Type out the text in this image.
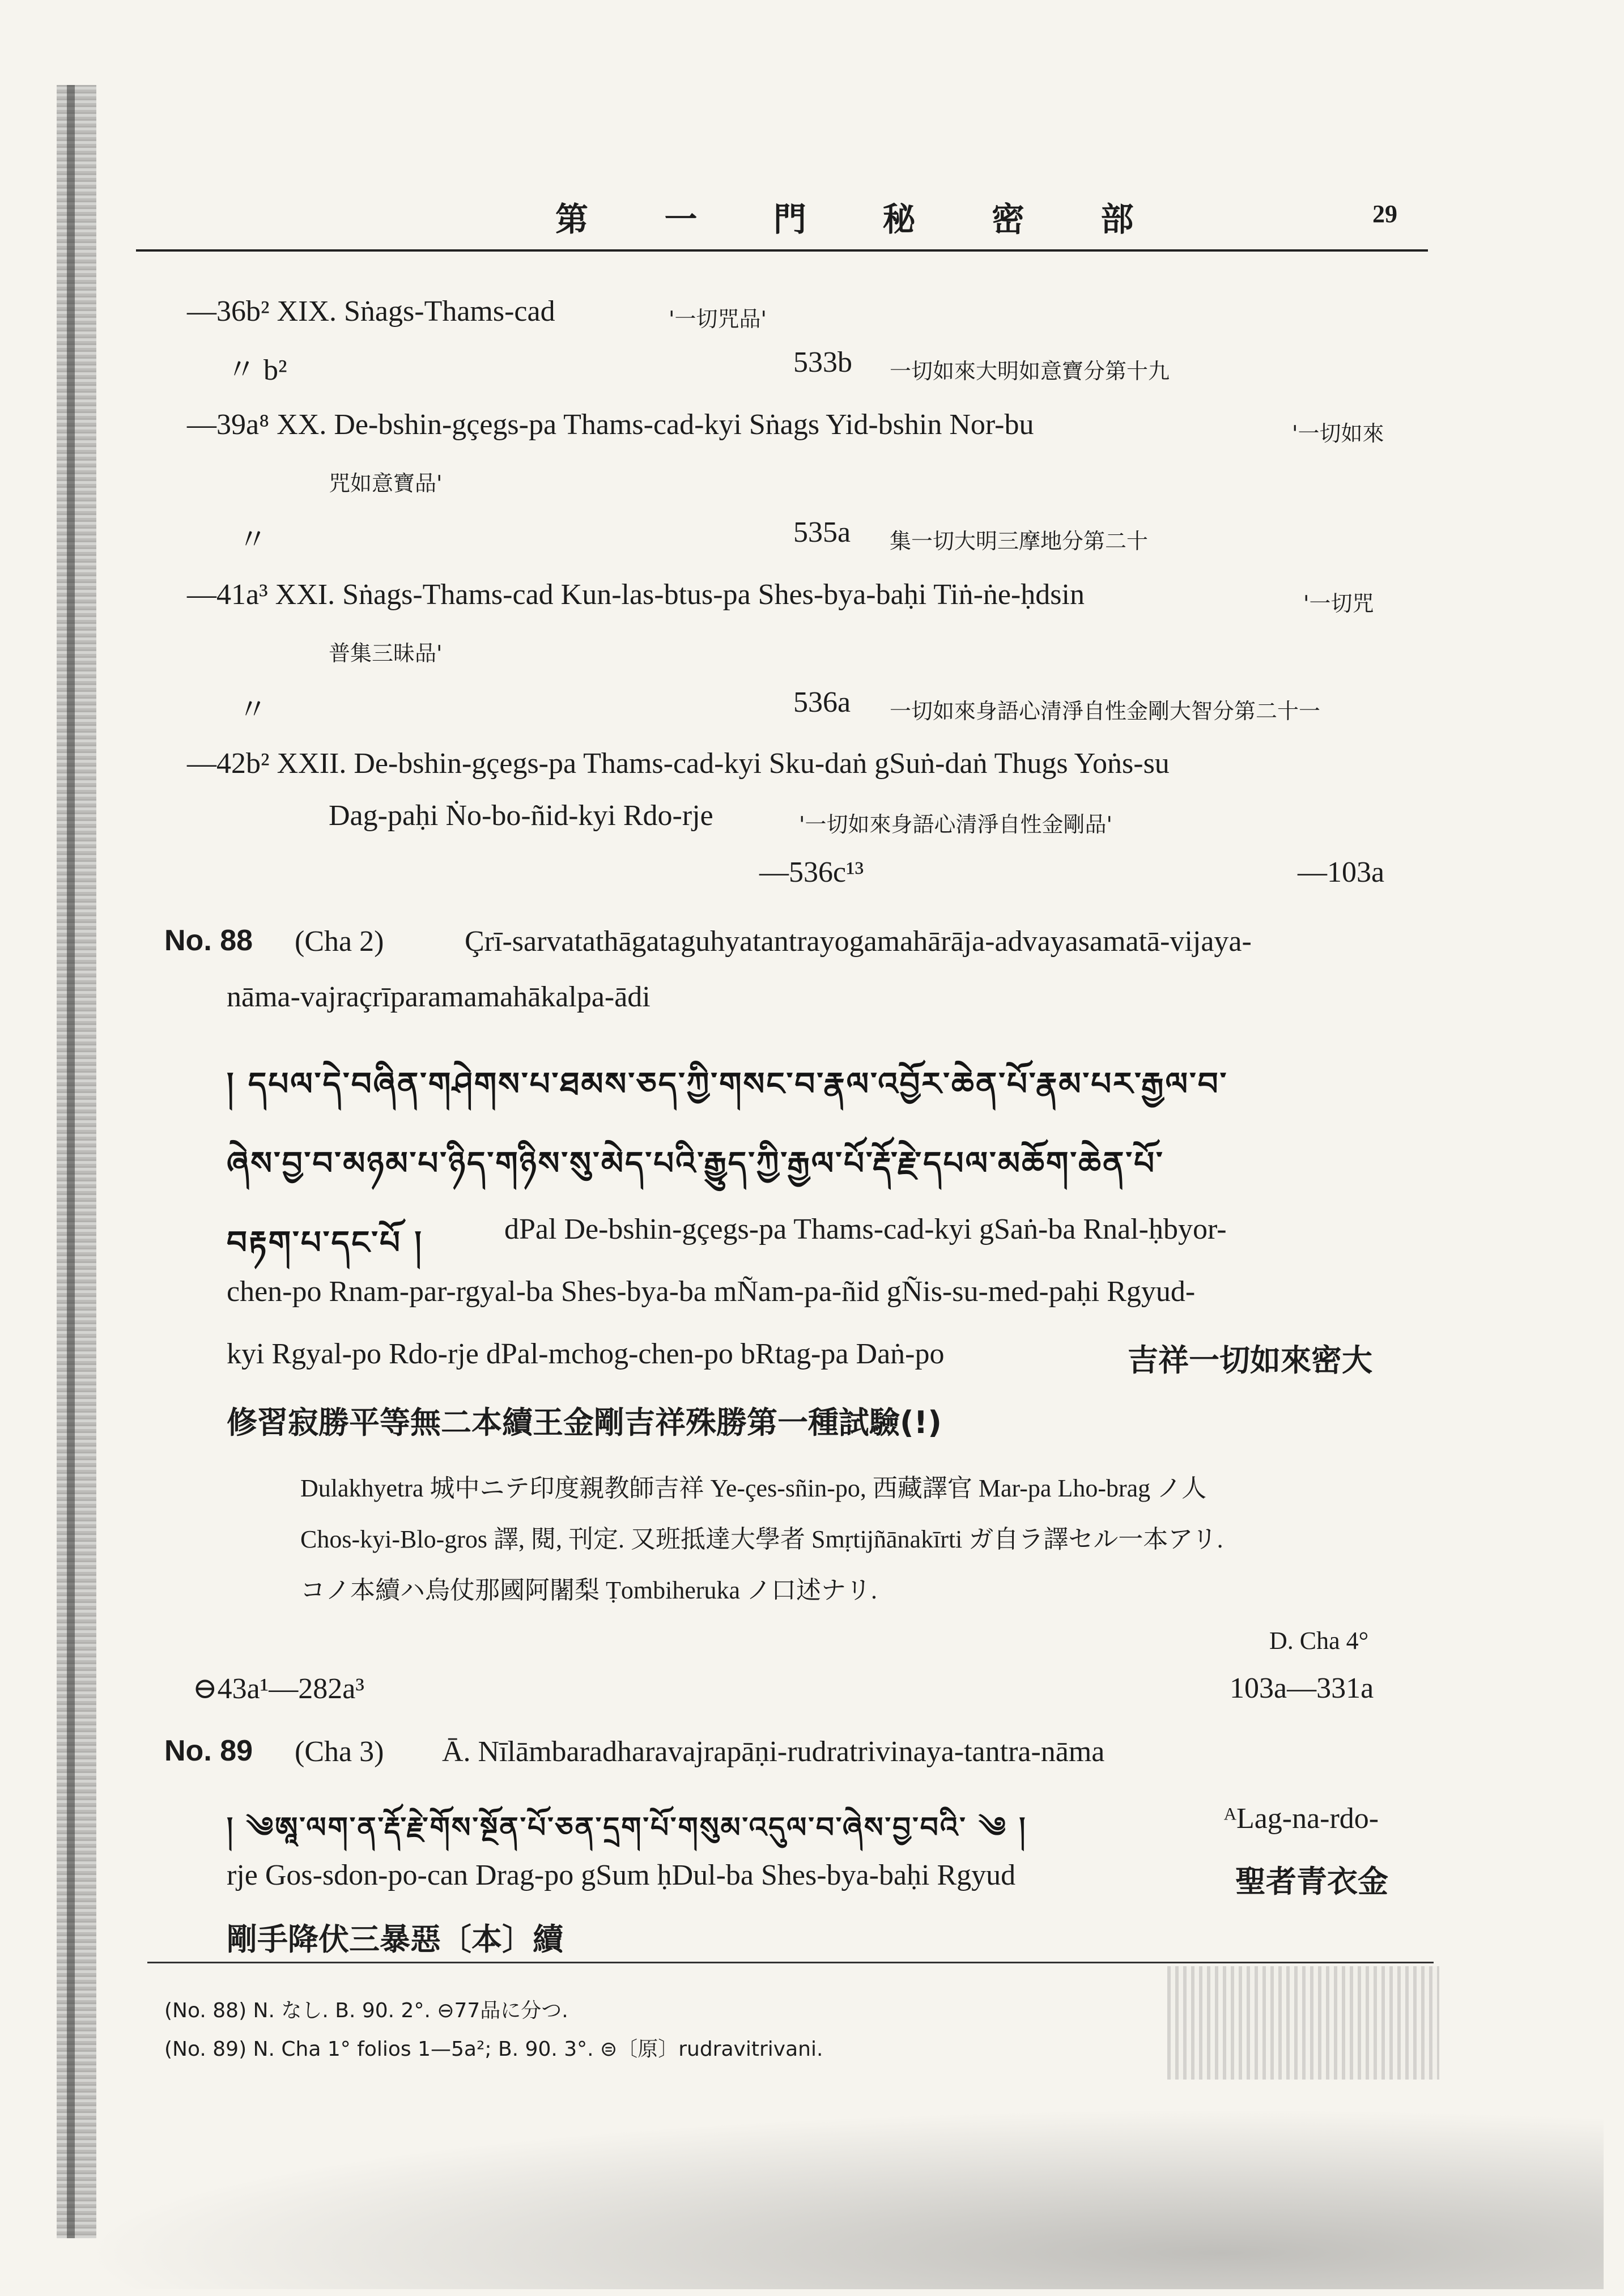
第 一 門 秘 密 部	29
—36b² XIX. Sṅags-Thams-cad	'一切咒品'
〃 b²	533b 一切如來大明如意寶分第十九
—39a⁸ XX. De-bshin-gçegs-pa Thams-cad-kyi Sṅags Yid-bshin Nor-bu	'一切如來
咒如意寶品'
〃	535a 集一切大明三摩地分第二十
—41a³ XXI. Sṅags-Thams-cad Kun-las-btus-pa Shes-bya-baḥi Tiṅ-ṅe-ḥdsin	'一切咒
普集三昧品'
〃	536a 一切如來身語心清淨自性金剛大智分第二十一
—42b² XXII. De-bshin-gçegs-pa Thams-cad-kyi Sku-daṅ gSuṅ-daṅ Thugs Yoṅs-su
Dag-paḥi Ṅo-bo-ñid-kyi Rdo-rje	'一切如來身語心清淨自性金剛品'
—536c¹³	—103a
No. 88 (Cha 2)	Çrī-sarvatathāgataguhyatantrayogamahārāja-advayasamatā-vijaya-
nāma-vajraçrīparamamahākalpa-ādi
། དཔལ་དེ་བཞིན་གཤེགས་པ་ཐམས་ཅད་ཀྱི་གསང་བ་རྣལ་འབྱོར་ཆེན་པོ་རྣམ་པར་རྒྱལ་བ་
ཞེས་བྱ་བ་མཉམ་པ་ཉིད་གཉིས་སུ་མེད་པའི་རྒྱུད་ཀྱི་རྒྱལ་པོ་རྡོ་རྗེ་དཔལ་མཆོག་ཆེན་པོ་
བརྟག་པ་དང་པོ །	dPal De-bshin-gçegs-pa Thams-cad-kyi gSaṅ-ba Rnal-ḥbyor-
chen-po Rnam-par-rgyal-ba Shes-bya-ba mÑam-pa-ñid gÑis-su-med-paḥi Rgyud-
kyi Rgyal-po Rdo-rje dPal-mchog-chen-po bRtag-pa Daṅ-po	吉祥一切如來密大
修習寂勝平等無二本續王金剛吉祥殊勝第一種試驗(!)
Dulakhyetra 城中ニテ印度親教師吉祥 Ye-çes-sñin-po, 西藏譯官 Mar-pa Lho-brag ノ人
Chos-kyi-Blo-gros 譯, 閱, 刊定. 又班抵達大學者 Smṛtijñānakīrti ガ自ラ譯セル一本アリ.
コノ本續ハ烏仗那國阿闍梨 Ṭombiheruka ノ口述ナリ.
D. Cha 4°
⊖43a¹—282a³	103a—331a
No. 89 (Cha 3) Ā. Nīlāmbaradharavajrapāṇi-rudratrivinaya-tantra-nāma
། ༄ཨཱ་ལག་ན་རྡོ་རྗེ་གོས་སྔོན་པོ་ཅན་དྲག་པོ་གསུམ་འདུལ་བ་ཞེས་བྱ་བའི་ ༄ །	ᴬLag-na-rdo-
rje Gos-sdon-po-can Drag-po gSum ḥDul-ba Shes-bya-baḥi Rgyud	聖者青衣金
剛手降伏三暴惡〔本〕續
(No. 88) N. なし. B. 90. 2°. ⊖77品に分つ.
(No. 89) N. Cha 1° folios 1—5a²; B. 90. 3°. ⊜〔原〕rudravitrivani.
